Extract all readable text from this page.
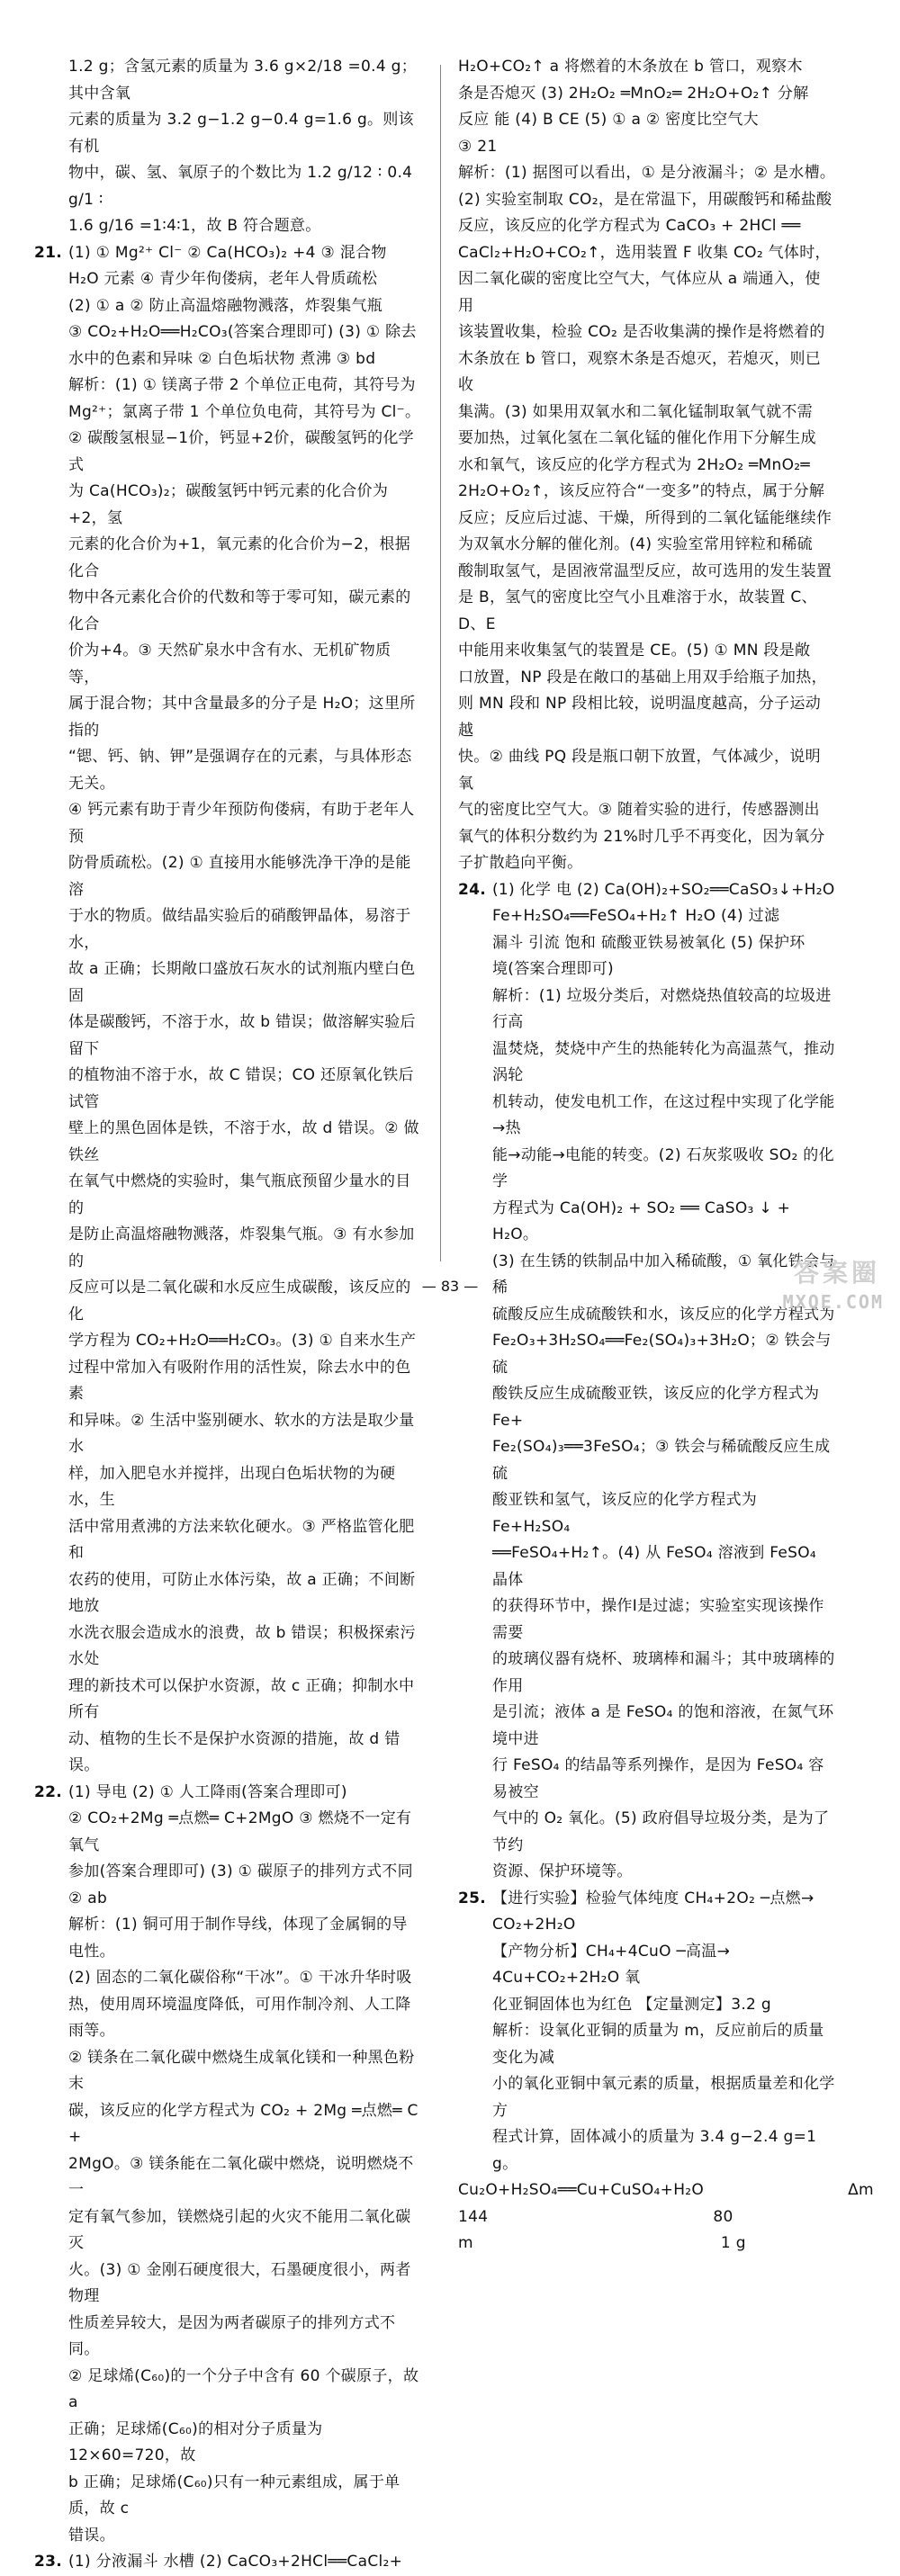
1.2 g；含氢元素的质量为 3.6 g×2/18 =0.4 g；其中含氧
元素的质量为 3.2 g−1.2 g−0.4 g=1.6 g。则该有机
物中，碳、氢、氧原子的个数比为 1.2 g/12 ∶ 0.4 g/1 ∶
1.6 g/16 =1∶4∶1，故 B 符合题意。
21. (1) ① Mg²⁺ Cl⁻ ② Ca(HCO₃)₂ +4 ③ 混合物
H₂O 元素 ④ 青少年佝偻病，老年人骨质疏松
(2) ① a ② 防止高温熔融物溅落，炸裂集气瓶
③ CO₂+H₂O══H₂CO₃(答案合理即可) (3) ① 除去
水中的色素和异味 ② 白色垢状物 煮沸 ③ bd
解析：(1) ① 镁离子带 2 个单位正电荷，其符号为
Mg²⁺；氯离子带 1 个单位负电荷，其符号为 Cl⁻。
② 碳酸氢根显−1价，钙显+2价，碳酸氢钙的化学式
为 Ca(HCO₃)₂；碳酸氢钙中钙元素的化合价为+2，氢
元素的化合价为+1，氧元素的化合价为−2，根据化合
物中各元素化合价的代数和等于零可知，碳元素的化合
价为+4。③ 天然矿泉水中含有水、无机矿物质等，
属于混合物；其中含量最多的分子是 H₂O；这里所指的
“锶、钙、钠、钾”是强调存在的元素，与具体形态无关。
④ 钙元素有助于青少年预防佝偻病，有助于老年人预
防骨质疏松。(2) ① 直接用水能够洗净干净的是能溶
于水的物质。做结晶实验后的硝酸钾晶体，易溶于水，
故 a 正确；长期敞口盛放石灰水的试剂瓶内壁白色固
体是碳酸钙，不溶于水，故 b 错误；做溶解实验后留下
的植物油不溶于水，故 C 错误；CO 还原氧化铁后试管
壁上的黑色固体是铁，不溶于水，故 d 错误。② 做铁丝
在氧气中燃烧的实验时，集气瓶底预留少量水的目的
是防止高温熔融物溅落，炸裂集气瓶。③ 有水参加的
反应可以是二氧化碳和水反应生成碳酸，该反应的化
学方程为 CO₂+H₂O══H₂CO₃。(3) ① 自来水生产
过程中常加入有吸附作用的活性炭，除去水中的色素
和异味。② 生活中鉴别硬水、软水的方法是取少量水
样，加入肥皂水并搅拌，出现白色垢状物的为硬水，生
活中常用煮沸的方法来软化硬水。③ 严格监管化肥和
农药的使用，可防止水体污染，故 a 正确；不间断地放
水洗衣服会造成水的浪费，故 b 错误；积极探索污水处
理的新技术可以保护水资源，故 c 正确；抑制水中所有
动、植物的生长不是保护水资源的措施，故 d 错误。
22. (1) 导电 (2) ① 人工降雨(答案合理即可)
② CO₂+2Mg ═点燃═ C+2MgO ③ 燃烧不一定有氧气
参加(答案合理即可) (3) ① 碳原子的排列方式不同
② ab
解析：(1) 铜可用于制作导线，体现了金属铜的导电性。
(2) 固态的二氧化碳俗称“干冰”。① 干冰升华时吸
热，使用周环境温度降低，可用作制冷剂、人工降雨等。
② 镁条在二氧化碳中燃烧生成氧化镁和一种黑色粉末
碳，该反应的化学方程式为 CO₂ + 2Mg ═点燃═ C +
2MgO。③ 镁条能在二氧化碳中燃烧，说明燃烧不一
定有氧气参加，镁燃烧引起的火灾不能用二氧化碳灭
火。(3) ① 金刚石硬度很大，石墨硬度很小，两者物理
性质差异较大，是因为两者碳原子的排列方式不同。
② 足球烯(C₆₀)的一个分子中含有 60 个碳原子，故 a
正确；足球烯(C₆₀)的相对分子质量为 12×60=720，故
b 正确；足球烯(C₆₀)只有一种元素组成，属于单质，故 c
错误。
23. (1) 分液漏斗 水槽 (2) CaCO₃+2HCl══CaCl₂+
H₂O+CO₂↑ a 将燃着的木条放在 b 管口，观察木
条是否熄灭 (3) 2H₂O₂ ═MnO₂═ 2H₂O+O₂↑ 分解
反应 能 (4) B CE (5) ① a ② 密度比空气大
③ 21
解析：(1) 据图可以看出，① 是分液漏斗；② 是水槽。
(2) 实验室制取 CO₂，是在常温下，用碳酸钙和稀盐酸
反应，该反应的化学方程式为 CaCO₃ + 2HCl ══
CaCl₂+H₂O+CO₂↑，选用装置 F 收集 CO₂ 气体时，
因二氧化碳的密度比空气大，气体应从 a 端通入，使用
该装置收集，检验 CO₂ 是否收集满的操作是将燃着的
木条放在 b 管口，观察木条是否熄灭，若熄灭，则已收
集满。(3) 如果用双氧水和二氧化锰制取氧气就不需
要加热，过氧化氢在二氧化锰的催化作用下分解生成
水和氧气，该反应的化学方程式为 2H₂O₂ ═MnO₂═
2H₂O+O₂↑，该反应符合“一变多”的特点，属于分解
反应；反应后过滤、干燥，所得到的二氧化锰能继续作
为双氧水分解的催化剂。(4) 实验室常用锌粒和稀硫
酸制取氢气，是固液常温型反应，故可选用的发生装置
是 B，氢气的密度比空气小且难溶于水，故装置 C、D、E
中能用来收集氢气的装置是 CE。(5) ① MN 段是敞
口放置，NP 段是在敞口的基础上用双手给瓶子加热，
则 MN 段和 NP 段相比较，说明温度越高，分子运动越
快。② 曲线 PQ 段是瓶口朝下放置，气体减少，说明氧
气的密度比空气大。③ 随着实验的进行，传感器测出
氧气的体积分数约为 21%时几乎不再变化，因为氧分
子扩散趋向平衡。
24. (1) 化学 电 (2) Ca(OH)₂+SO₂══CaSO₃↓+H₂O
Fe+H₂SO₄══FeSO₄+H₂↑ H₂O (4) 过滤
漏斗 引流 饱和 硫酸亚铁易被氧化 (5) 保护环
境(答案合理即可)
解析：(1) 垃圾分类后，对燃烧热值较高的垃圾进行高
温焚烧，焚烧中产生的热能转化为高温蒸气，推动涡轮
机转动，使发电机工作，在这过程中实现了化学能→热
能→动能→电能的转变。(2) 石灰浆吸收 SO₂ 的化学
方程式为 Ca(OH)₂ + SO₂ ══ CaSO₃ ↓ + H₂O。
(3) 在生锈的铁制品中加入稀硫酸，① 氧化铁会与稀
硫酸反应生成硫酸铁和水，该反应的化学方程式为
Fe₂O₃+3H₂SO₄══Fe₂(SO₄)₃+3H₂O；② 铁会与硫
酸铁反应生成硫酸亚铁，该反应的化学方程式为 Fe+
Fe₂(SO₄)₃══3FeSO₄；③ 铁会与稀硫酸反应生成硫
酸亚铁和氢气，该反应的化学方程式为 Fe+H₂SO₄
══FeSO₄+H₂↑。(4) 从 FeSO₄ 溶液到 FeSO₄ 晶体
的获得环节中，操作Ⅰ是过滤；实验室实现该操作需要
的玻璃仪器有烧杯、玻璃棒和漏斗；其中玻璃棒的作用
是引流；液体 a 是 FeSO₄ 的饱和溶液，在氮气环境中进
行 FeSO₄ 的结晶等系列操作，是因为 FeSO₄ 容易被空
气中的 O₂ 氧化。(5) 政府倡导垃圾分类，是为了节约
资源、保护环境等。
25. 【进行实验】检验气体纯度 CH₄+2O₂ ─点燃→ CO₂+2H₂O
【产物分析】CH₄+4CuO ─高温→ 4Cu+CO₂+2H₂O 氧
化亚铜固体也为红色 【定量测定】3.2 g
解析：设氧化亚铜的质量为 m，反应前后的质量变化为减
小的氧化亚铜中氧元素的质量，根据质量差和化学方
程式计算，固体减小的质量为 3.4 g−2.4 g=1 g。
Cu₂O+H₂SO₄══Cu+CuSO₄+H₂O	Δm
144	80
m	1 g
— 83 —	答案圈
MXQE.COM
